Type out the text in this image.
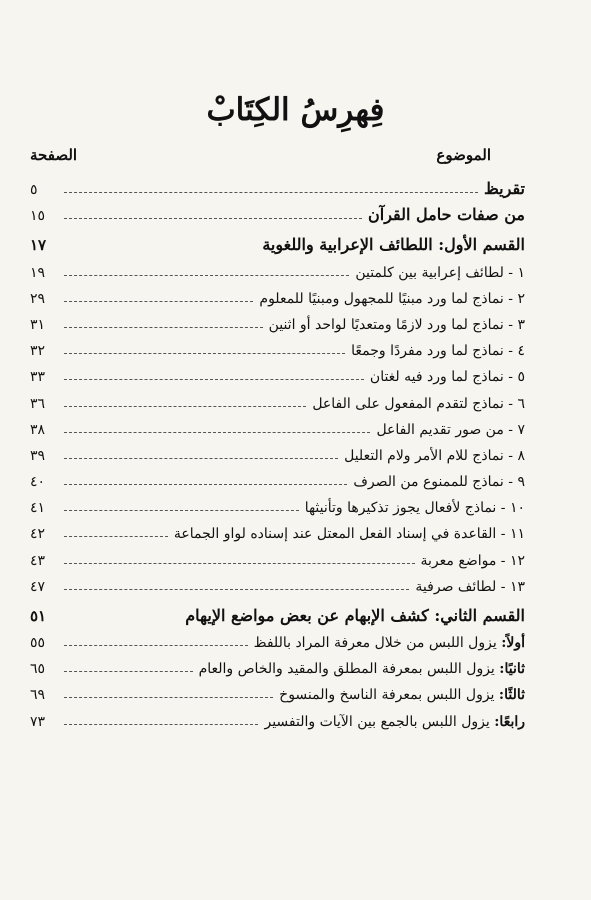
فِهرِسُ الكِتَابْ
الموضوع
الصفحة
تقريظ
٥
من صفات حامل القرآن
١٥
القسم الأول: اللطائف الإعرابية واللغوية
١٧
١ - لطائف إعرابية بين كلمتين
١٩
٢ - نماذج لما ورد مبنيًا للمجهول ومبنيًا للمعلوم
٢٩
٣ - نماذج لما ورد لازمًا ومتعديًا لواحد أو اثنين
٣١
٤ - نماذج لما ورد مفردًا وجمعًا
٣٢
٥ - نماذج لما ورد فيه لغتان
٣٣
٦ - نماذج لتقدم المفعول على الفاعل
٣٦
٧ - من صور تقديم الفاعل
٣٨
٨ - نماذج للام الأمر ولام التعليل
٣٩
٩ - نماذج للممنوع من الصرف
٤٠
١٠ - نماذج لأفعال يجوز تذكيرها وتأنيثها
٤١
١١ - القاعدة في إسناد الفعل المعتل عند إسناده لواو الجماعة
٤٢
١٢ - مواضع معربة
٤٣
١٣ - لطائف صرفية
٤٧
القسم الثاني: كشف الإبهام عن بعض مواضع الإيهام
٥١
أولاً: يزول اللبس من خلال معرفة المراد باللفظ
٥٥
ثانيًا: يزول اللبس بمعرفة المطلق والمقيد والخاص والعام
٦٥
ثالثًا: يزول اللبس بمعرفة الناسخ والمنسوخ
٦٩
رابعًا: يزول اللبس بالجمع بين الآيات والتفسير
٧٣
